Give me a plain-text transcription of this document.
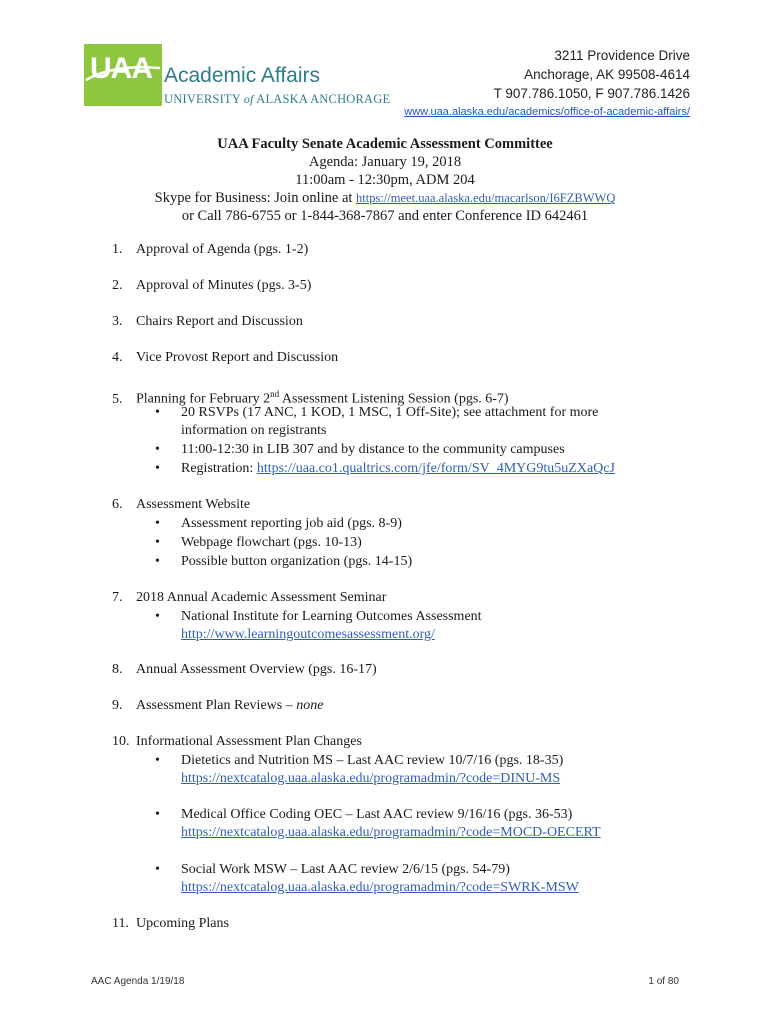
UAA Academic Affairs
UNIVERSITY of ALASKA ANCHORAGE
3211 Providence Drive
Anchorage, AK 99508-4614
T 907.786.1050, F 907.786.1426
www.uaa.alaska.edu/academics/office-of-academic-affairs/
UAA Faculty Senate Academic Assessment Committee
Agenda: January 19, 2018
11:00am - 12:30pm, ADM 204
Skype for Business: Join online at https://meet.uaa.alaska.edu/macarlson/I6FZBWWQ
or Call 786-6755 or 1-844-368-7867 and enter Conference ID 642461
1. Approval of Agenda (pgs. 1-2)
2. Approval of Minutes (pgs. 3-5)
3. Chairs Report and Discussion
4. Vice Provost Report and Discussion
5. Planning for February 2nd Assessment Listening Session (pgs. 6-7)
• 20 RSVPs (17 ANC, 1 KOD, 1 MSC, 1 Off-Site); see attachment for more
information on registrants
• 11:00-12:30 in LIB 307 and by distance to the community campuses
• Registration: https://uaa.co1.qualtrics.com/jfe/form/SV_4MYG9tu5uZXaQcJ
6. Assessment Website
• Assessment reporting job aid (pgs. 8-9)
• Webpage flowchart (pgs. 10-13)
• Possible button organization (pgs. 14-15)
7. 2018 Annual Academic Assessment Seminar
• National Institute for Learning Outcomes Assessment
http://www.learningoutcomesassessment.org/
8. Annual Assessment Overview (pgs. 16-17)
9. Assessment Plan Reviews – none
10. Informational Assessment Plan Changes
• Dietetics and Nutrition MS – Last AAC review 10/7/16 (pgs. 18-35)
https://nextcatalog.uaa.alaska.edu/programadmin/?code=DINU-MS
• Medical Office Coding OEC – Last AAC review 9/16/16 (pgs. 36-53)
https://nextcatalog.uaa.alaska.edu/programadmin/?code=MOCD-OECERT
• Social Work MSW – Last AAC review 2/6/15 (pgs. 54-79)
https://nextcatalog.uaa.alaska.edu/programadmin/?code=SWRK-MSW
11. Upcoming Plans
AAC Agenda 1/19/18	1 of 80
